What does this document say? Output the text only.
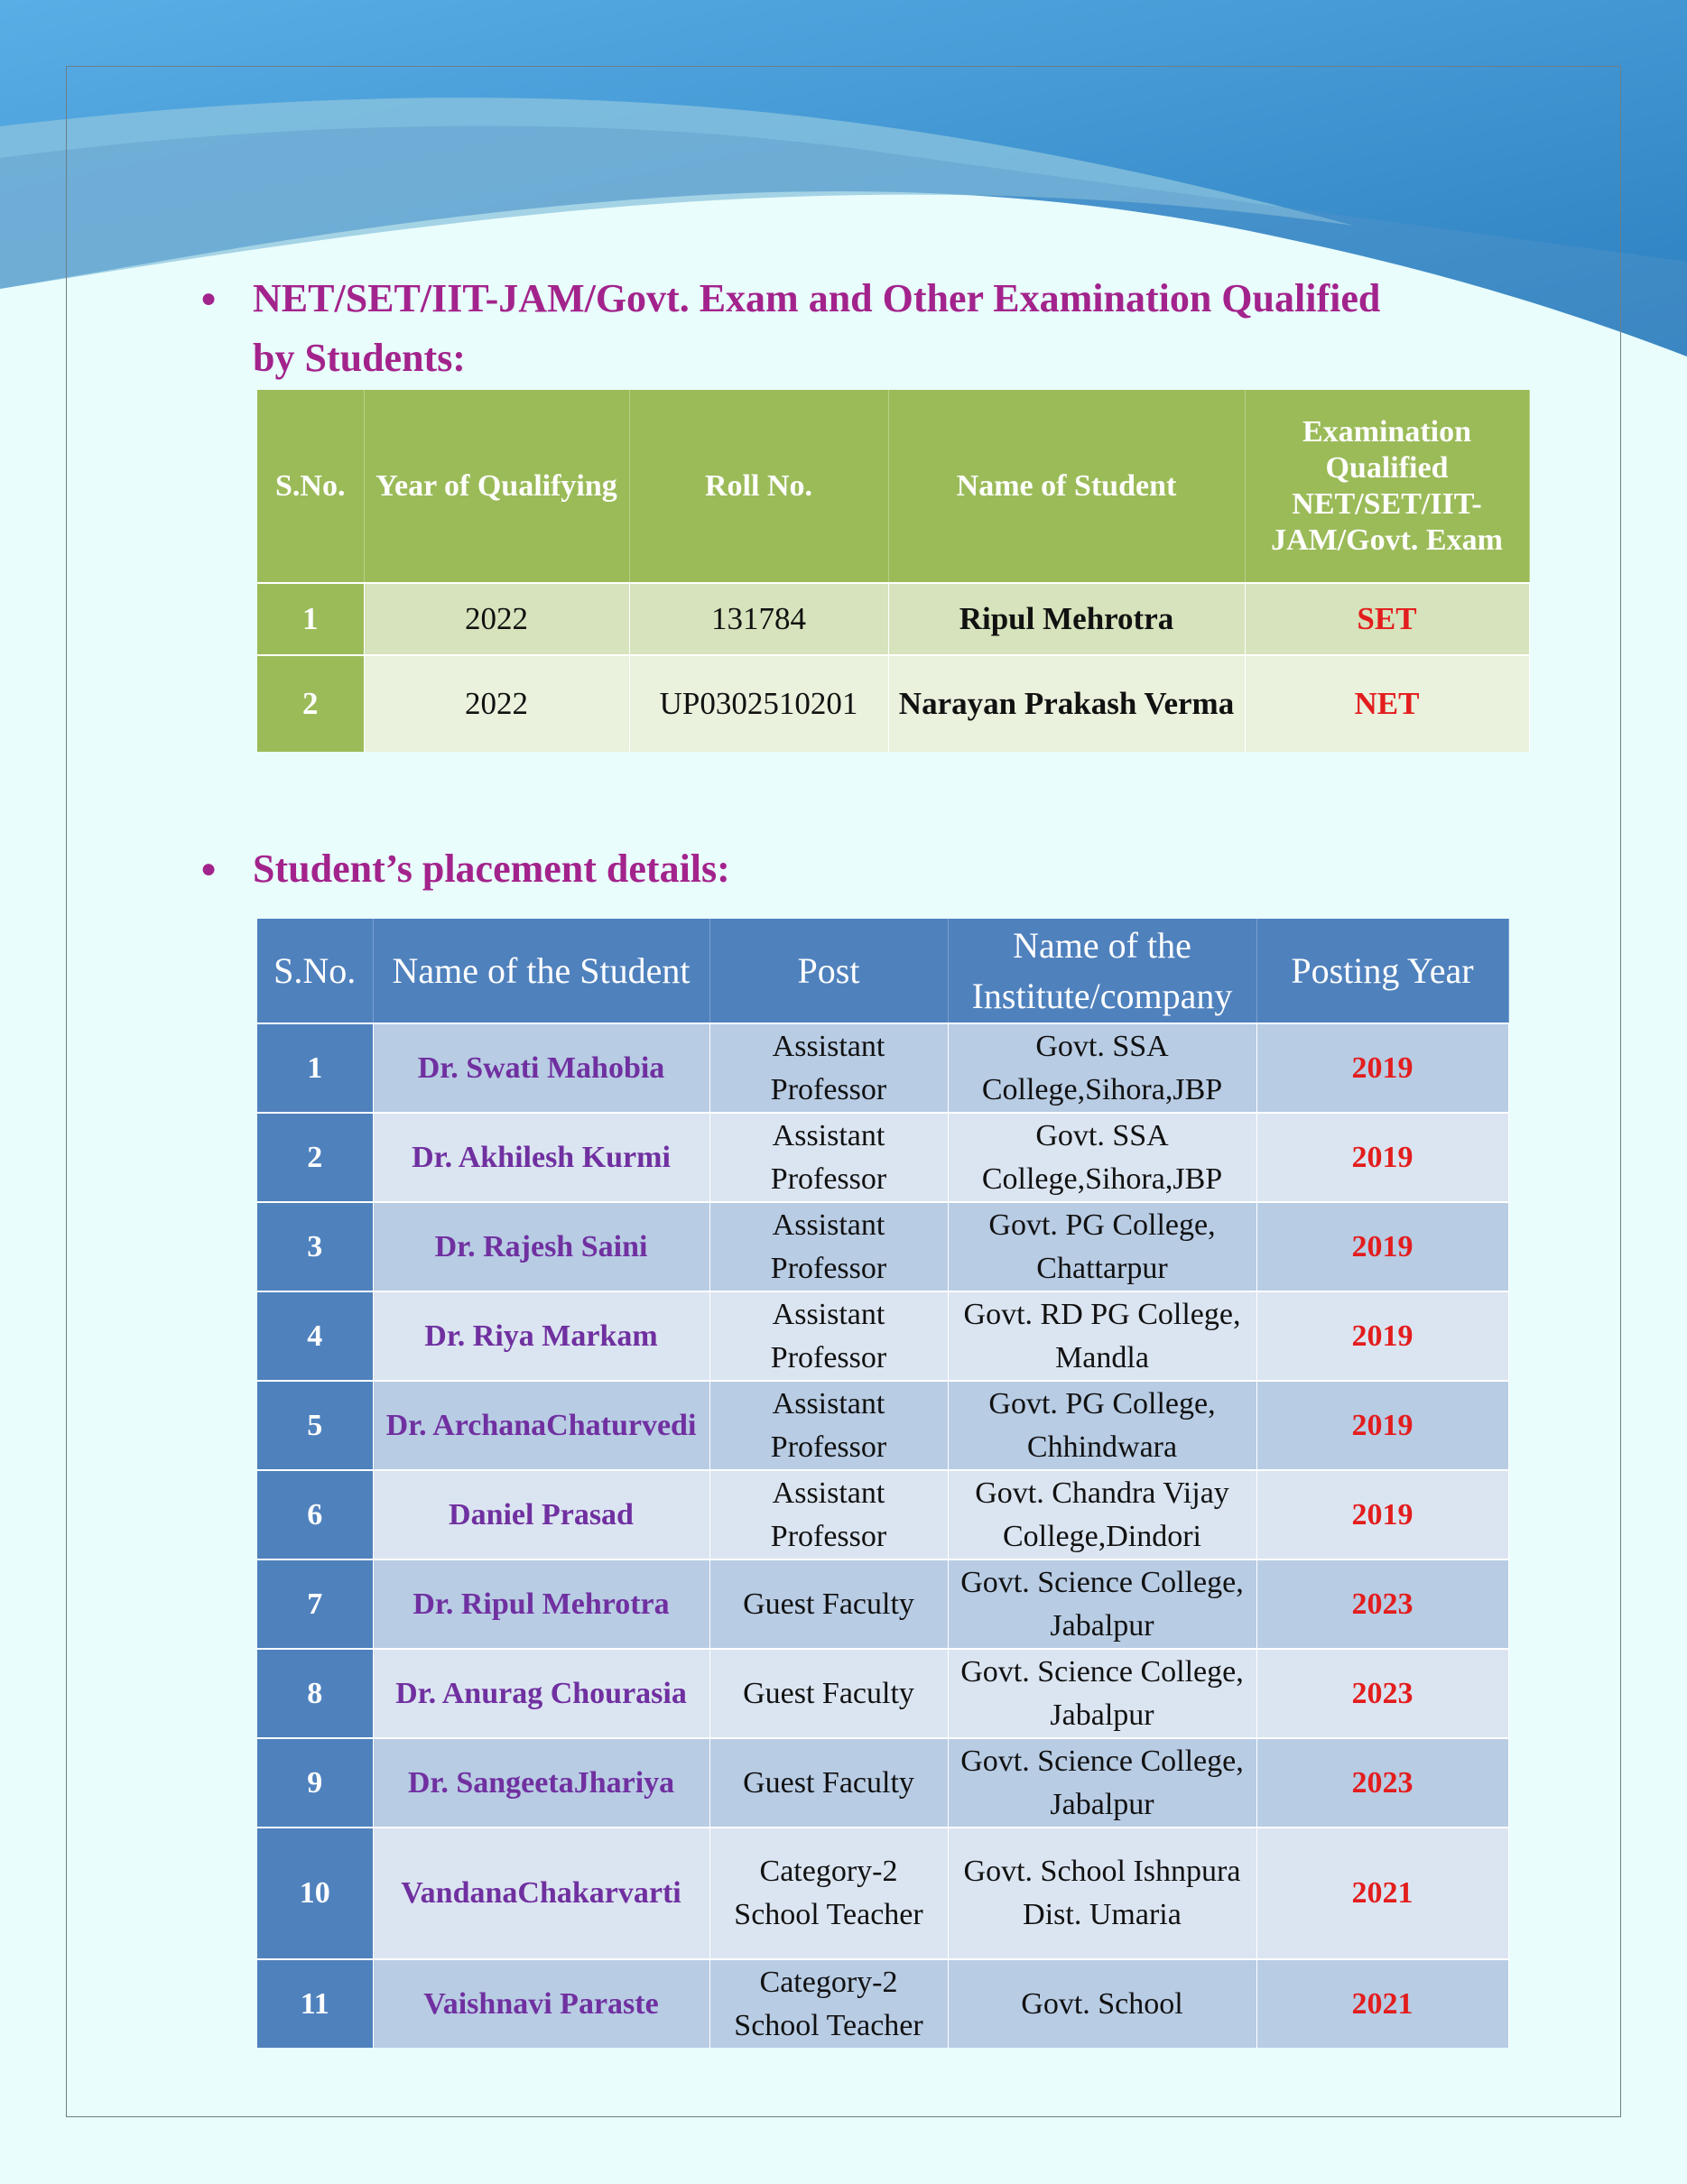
● NET/SET/IIT-JAM/Govt. Exam and Other Examination Qualified by Students:
S.No.	Year of Qualifying	Roll No.	Name of Student	Examination Qualified NET/SET/IIT-JAM/Govt. Exam
1	2022	131784	Ripul Mehrotra	SET
2	2022	UP0302510201	Narayan Prakash Verma	NET
● Student’s placement details:
S.No.	Name of the Student	Post	Name of the Institute/company	Posting Year
1	Dr. Swati Mahobia	Assistant Professor	Govt. SSA College,Sihora,JBP	2019
2	Dr. Akhilesh Kurmi	Assistant Professor	Govt. SSA College,Sihora,JBP	2019
3	Dr. Rajesh Saini	Assistant Professor	Govt. PG College, Chattarpur	2019
4	Dr. Riya Markam	Assistant Professor	Govt. RD PG College, Mandla	2019
5	Dr. ArchanaChaturvedi	Assistant Professor	Govt. PG College, Chhindwara	2019
6	Daniel Prasad	Assistant Professor	Govt. Chandra Vijay College,Dindori	2019
7	Dr. Ripul Mehrotra	Guest Faculty	Govt. Science College, Jabalpur	2023
8	Dr. Anurag Chourasia	Guest Faculty	Govt. Science College, Jabalpur	2023
9	Dr. SangeetaJhariya	Guest Faculty	Govt. Science College, Jabalpur	2023
10	VandanaChakarvarti	Category-2 School Teacher	Govt. School Ishnpura Dist. Umaria	2021
11	Vaishnavi Paraste	Category-2 School Teacher	Govt. School	2021
